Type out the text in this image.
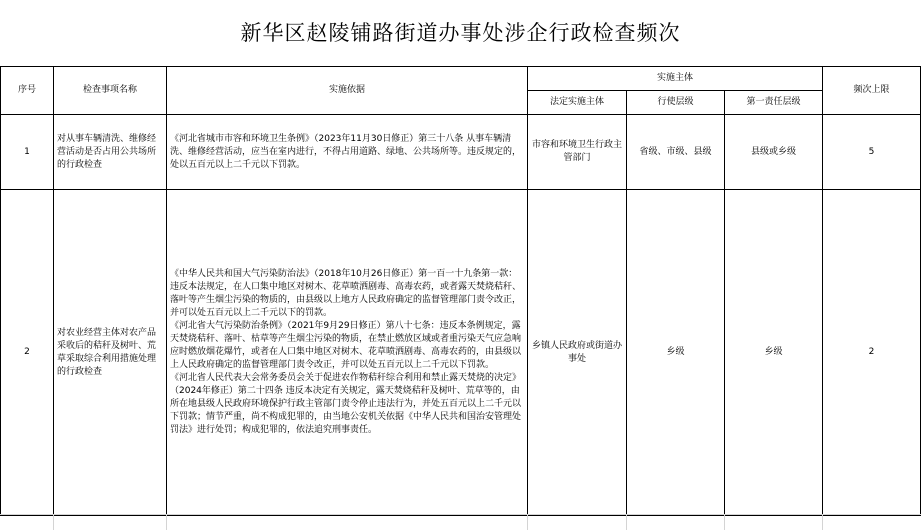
新华区赵陵铺路街道办事处涉企行政检查频次
序号	检查事项名称	实施依据	实施主体			频次上限
			法定实施主体	行使层级	第一责任层级	
1	对从事车辆清洗、维修经营活动是否占用公共场所的行政检查	《河北省城市市容和环境卫生条例》（2023年11月30日修正）第三十八条 从事车辆清洗、维修经营活动，应当在室内进行，不得占用道路、绿地、公共场所等。违反规定的，处以五百元以上二千元以下罚款。	市容和环境卫生行政主管部门	省级、市级、县级	县级或乡级	5
2	对农业经营主体对农产品采收后的秸秆及树叶、荒草采取综合利用措施处理的行政检查	《中华人民共和国大气污染防治法》（2018年10月26日修正）第一百一十九条第一款：违反本法规定，在人口集中地区对树木、花草喷洒剧毒、高毒农药，或者露天焚烧秸秆、落叶等产生烟尘污染的物质的，由县级以上地方人民政府确定的监督管理部门责令改正，并可以处五百元以上二千元以下的罚款。

《河北省大气污染防治条例》（2021年9月29日修正）第八十七条：违反本条例规定，露天焚烧秸秆、落叶、枯草等产生烟尘污染的物质，在禁止燃放区域或者重污染天气应急响应时燃放烟花爆竹，或者在人口集中地区对树木、花草喷洒剧毒、高毒农药的，由县级以上人民政府确定的监督管理部门责令改正，并可以处五百元以上二千元以下罚款。

《河北省人民代表大会常务委员会关于促进农作物秸秆综合利用和禁止露天焚烧的决定》（2024年修正）第二十四条 违反本决定有关规定，露天焚烧秸秆及树叶、荒草等的，由所在地县级人民政府环境保护行政主管部门责令停止违法行为，并处五百元以上二千元以下罚款；情节严重，尚不构成犯罪的，由当地公安机关依据《中华人民共和国治安管理处罚法》进行处罚；构成犯罪的，依法追究刑事责任。	乡镇人民政府或街道办事处	乡级	乡级	2
